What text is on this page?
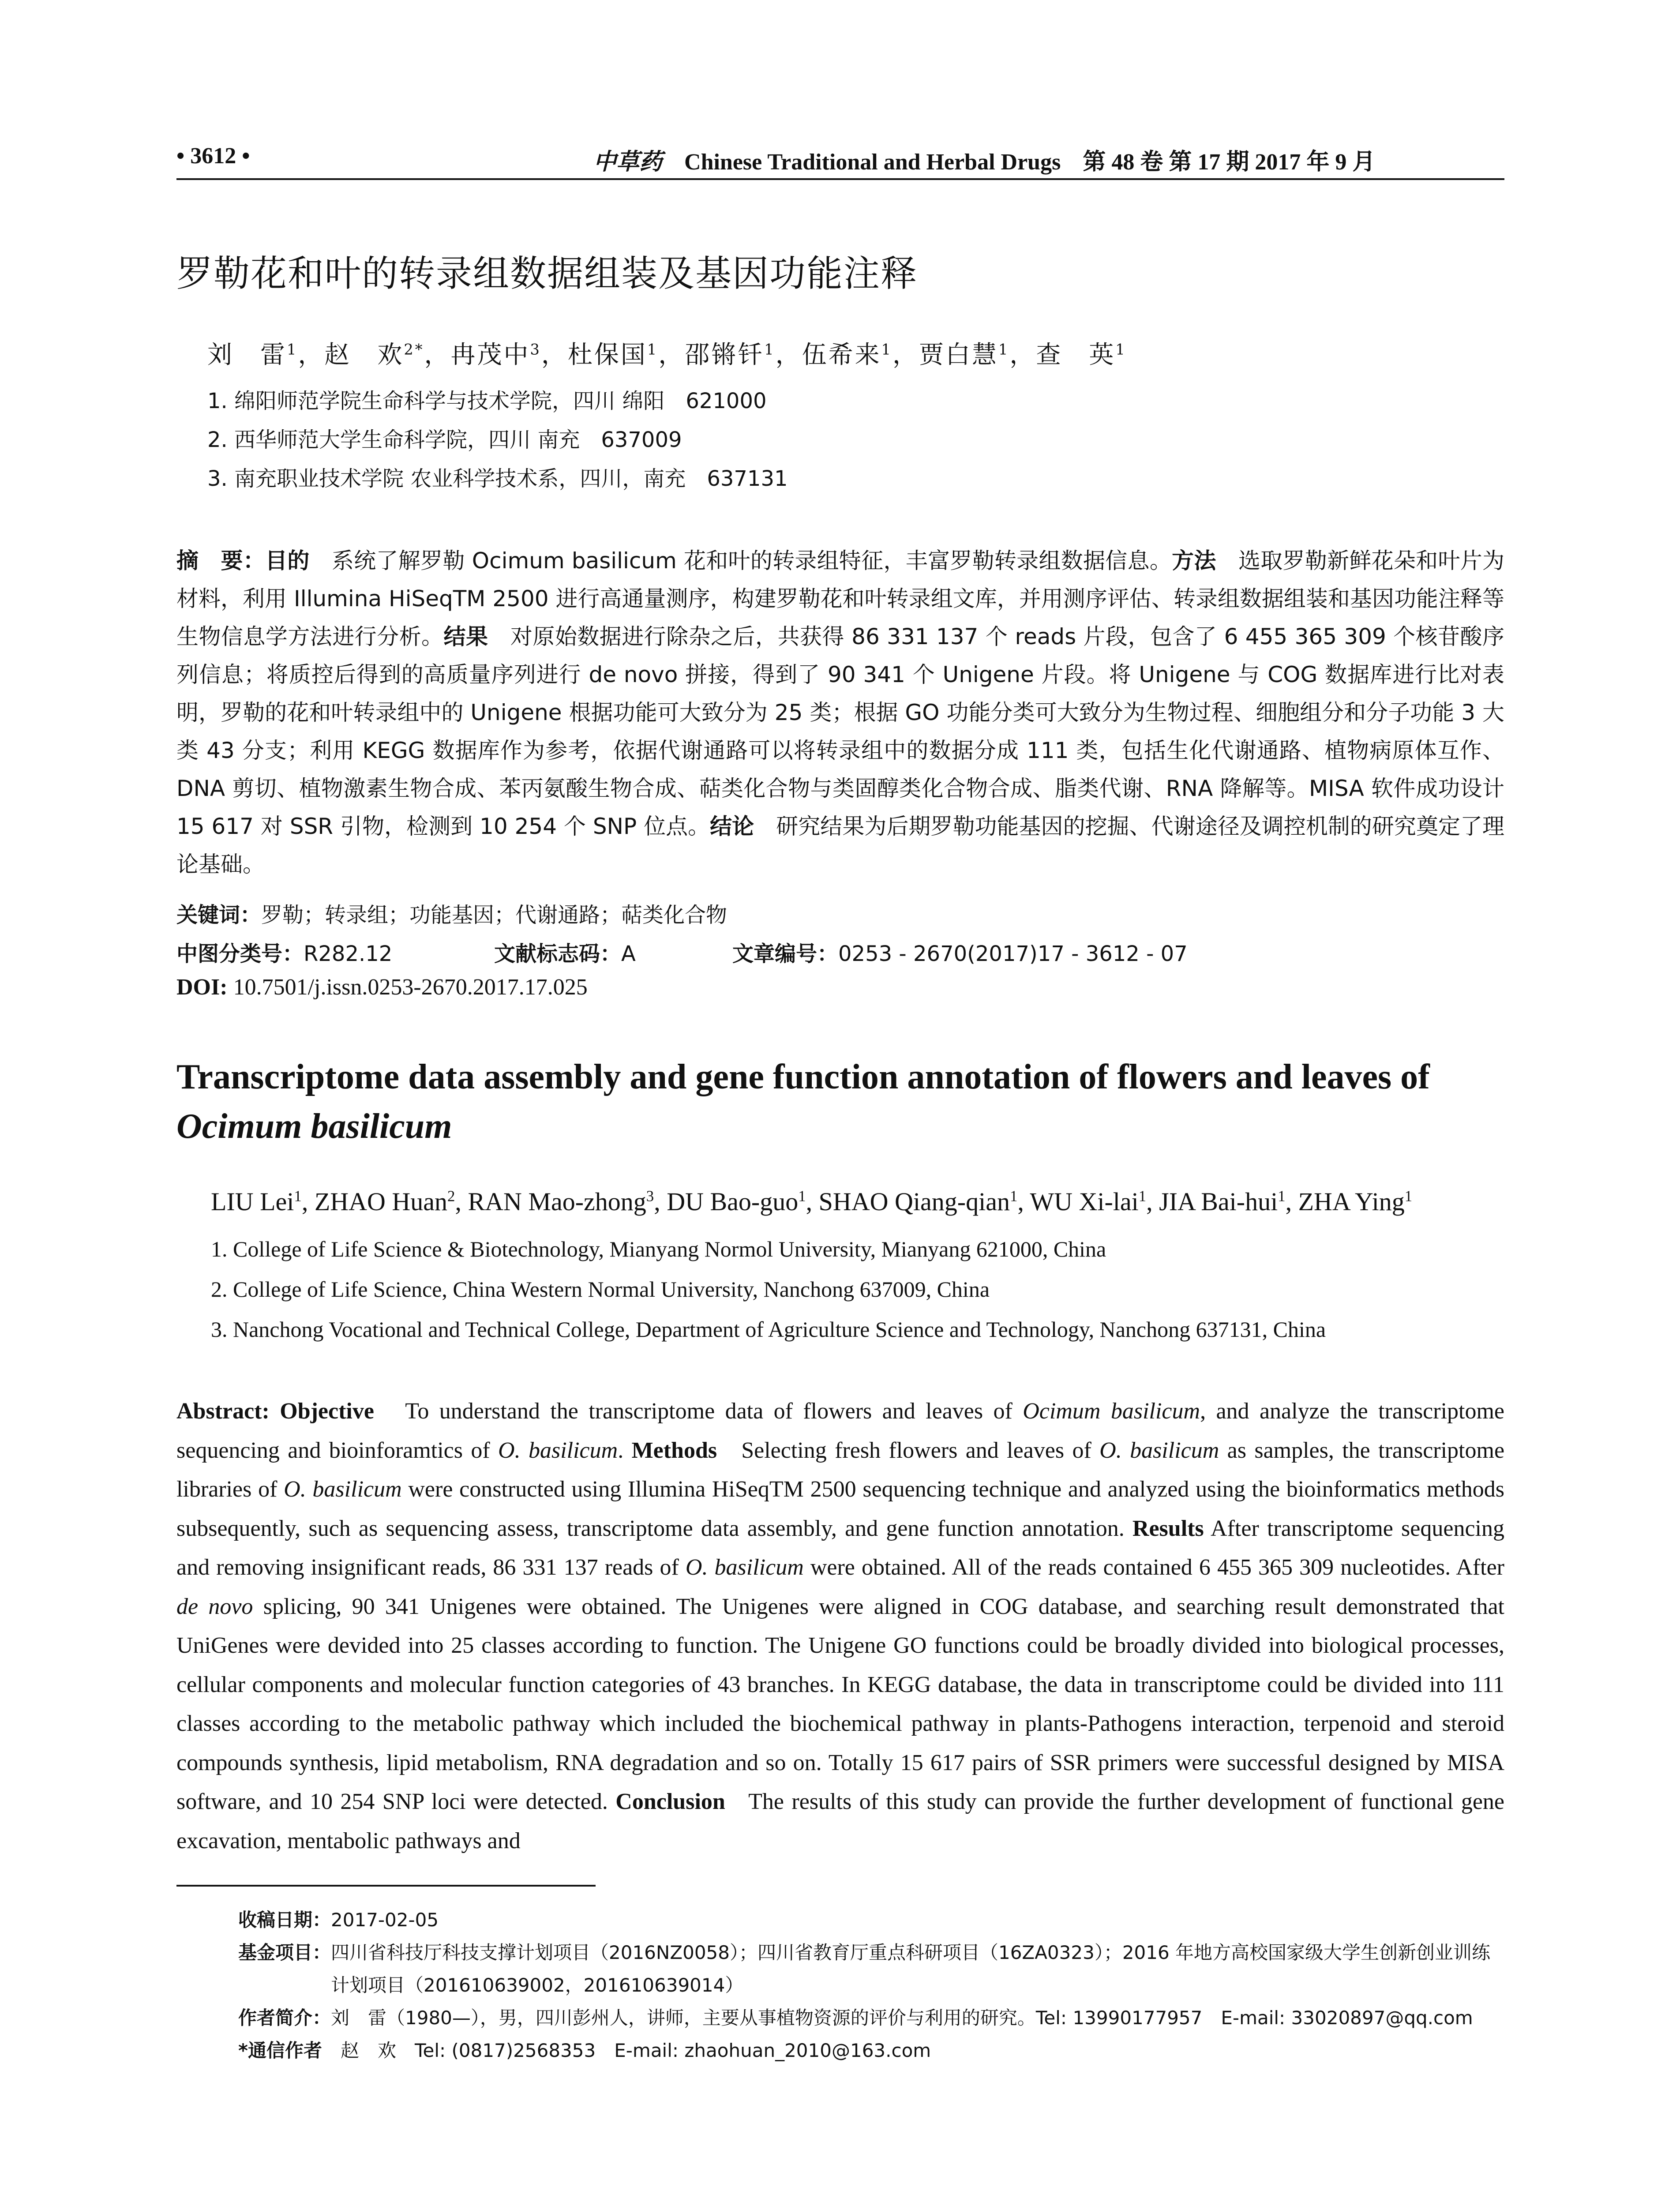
• 3612 •	中草药 Chinese Traditional and Herbal Drugs 第 48 卷 第 17 期 2017 年 9 月
罗勒花和叶的转录组数据组装及基因功能注释
刘　雷$^1$，赵　欢$^{2*}$，冉茂中$^3$，杜保国$^1$，邵锵钎$^1$，伍希来$^1$，贾白慧$^1$，查　英$^1$
1. 绵阳师范学院生命科学与技术学院，四川 绵阳　621000
2. 西华师范大学生命科学院，四川 南充　637009
3. 南充职业技术学院 农业科学技术系，四川，南充　637131
摘　要：目的　 系统了解罗勒 Ocimum basilicum 花和叶的转录组特征，丰富罗勒转录组数据信息。方法　 选取罗勒新鲜花朵和叶片为材料，利用 Illumina HiSeqTM 2500 进行高通量测序，构建罗勒花和叶转录组文库，并用测序评估、转录组数据组装和基因功能注释等生物信息学方法进行分析。结果　 对原始数据进行除杂之后，共获得 86 331 137 个 reads 片段，包含了 6 455 365 309 个核苷酸序列信息；将质控后得到的高质量序列进行 de novo 拼接，得到了 90 341 个 Unigene 片段。将 Unigene 与 COG 数据库进行比对表明，罗勒的花和叶转录组中的 Unigene 根据功能可大致分为 25 类；根据 GO 功能分类可大致分为生物过程、细胞组分和分子功能 3 大类 43 分支；利用 KEGG 数据库作为参考，依据代谢通路可以将转录组中的数据分成 111 类，包括生化代谢通路、植物病原体互作、DNA 剪切、植物激素生物合成、苯丙氨酸生物合成、萜类化合物与类固醇类化合物合成、脂类代谢、RNA 降解等。MISA 软件成功设计 15 617 对 SSR 引物，检测到 10 254 个 SNP 位点。结论　 研究结果为后期罗勒功能基因的挖掘、代谢途径及调控机制的研究奠定了理论基础。
关键词：罗勒；转录组；功能基因；代谢通路；萜类化合物
中图分类号：R282.12	文献标志码：A	文章编号：0253 - 2670(2017)17 - 3612 - 07
DOI: 10.7501/j.issn.0253-2670.2017.17.025
Transcriptome data assembly and gene function annotation of flowers and leaves of Ocimum basilicum
LIU Lei$^1$, ZHAO Huan$^2$, RAN Mao-zhong$^3$, DU Bao-guo$^1$, SHAO Qiang-qian$^1$, WU Xi-lai$^1$, JIA Bai-hui$^1$, ZHA Ying$^1$
1. College of Life Science & Biotechnology, Mianyang Normol University, Mianyang 621000, China
2. College of Life Science, China Western Normal University, Nanchong 637009, China
3. Nanchong Vocational and Technical College, Department of Agriculture Science and Technology, Nanchong 637131, China
Abstract: Objective To understand the transcriptome data of flowers and leaves of Ocimum basilicum, and analyze the transcriptome sequencing and bioinforamtics of O. basilicum. Methods Selecting fresh flowers and leaves of O. basilicum as samples, the transcriptome libraries of O. basilicum were constructed using Illumina HiSeqTM 2500 sequencing technique and analyzed using the bioinformatics methods subsequently, such as sequencing assess, transcriptome data assembly, and gene function annotation. Results After transcriptome sequencing and removing insignificant reads, 86 331 137 reads of O. basilicum were obtained. All of the reads contained 6 455 365 309 nucleotides. After de novo splicing, 90 341 Unigenes were obtained. The Unigenes were aligned in COG database, and searching result demonstrated that UniGenes were devided into 25 classes according to function. The Unigene GO functions could be broadly divided into biological processes, cellular components and molecular function categories of 43 branches. In KEGG database, the data in transcriptome could be divided into 111 classes according to the metabolic pathway which included the biochemical pathway in plants-Pathogens interaction, terpenoid and steroid compounds synthesis, lipid metabolism, RNA degradation and so on. Totally 15 617 pairs of SSR primers were successful designed by MISA software, and 10 254 SNP loci were detected. Conclusion The results of this study can provide the further development of functional gene excavation, mentabolic pathways and
收稿日期： 2017-02-05
基金项目： 四川省科技厅科技支撑计划项目（2016NZ0058）；四川省教育厅重点科研项目（16ZA0323）；2016 年地方高校国家级大学生创新创业训练计划项目（201610639002，201610639014）
作者简介： 刘　雷（1980—），男，四川彭州人，讲师，主要从事植物资源的评价与利用的研究。Tel: 13990177957　E-mail: 33020897@qq.com
*通信作者 　赵　欢　Tel: (0817)2568353　E-mail: zhaohuan_2010@163.com
